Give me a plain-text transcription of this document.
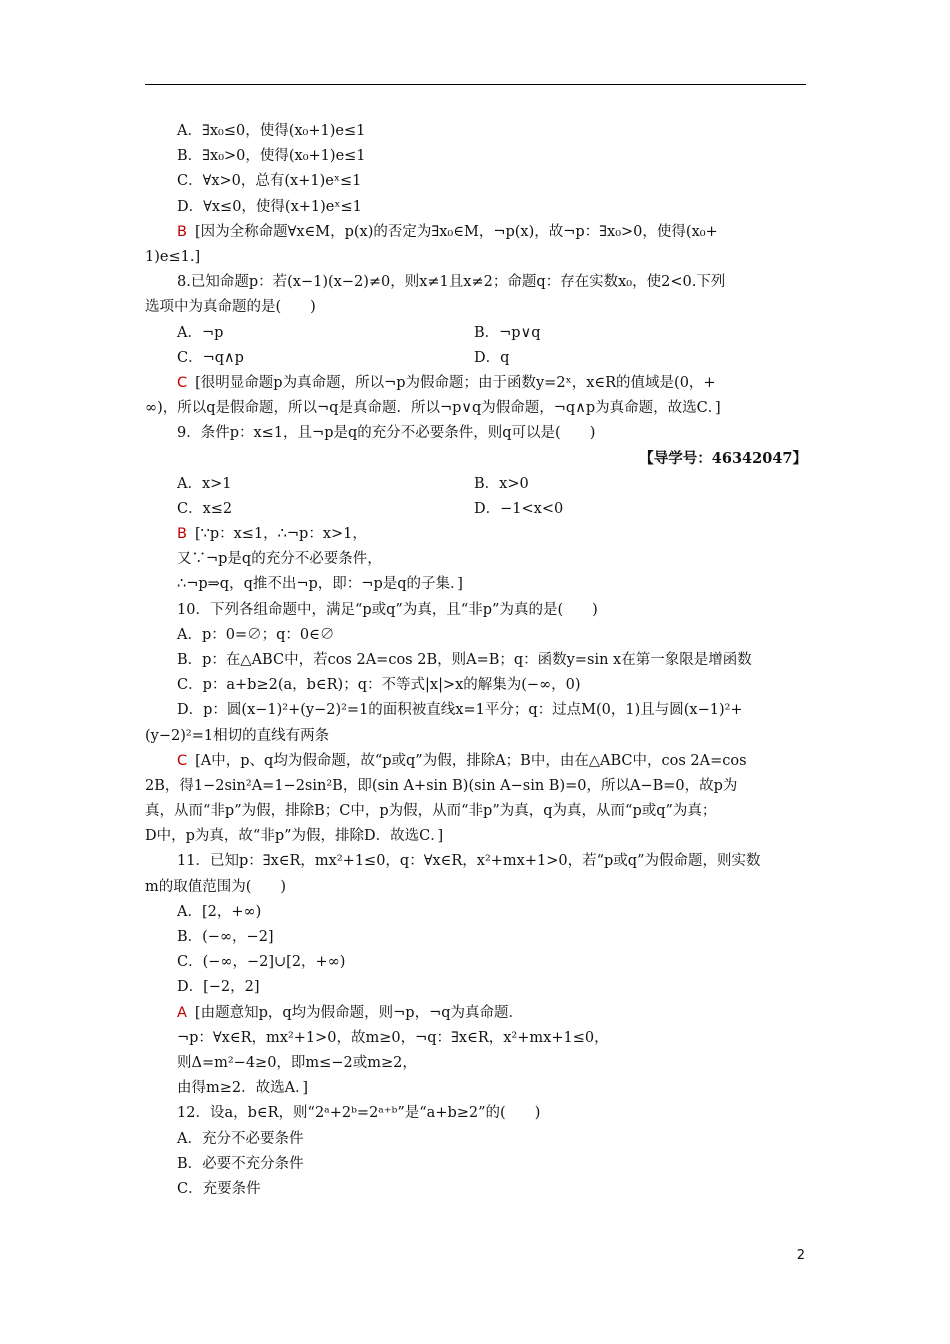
A．∃x₀≤0，使得(x₀+1)e≤1
B．∃x₀>0，使得(x₀+1)e≤1
C．∀x>0，总有(x+1)eˣ≤1
D．∀x≤0，使得(x+1)eˣ≤1
B [因为全称命题∀x∈M，p(x)的否定为∃x₀∈M，¬p(x)，故¬p：∃x₀>0，使得(x₀+
1)e≤1.]
8.已知命题p：若(x−1)(x−2)≠0，则x≠1且x≠2；命题q：存在实数x₀，使2<0.下列
选项中为真命题的是(　　)
A．¬p	B．¬p∨q
C．¬q∧p	D．q
C [很明显命题p为真命题，所以¬p为假命题；由于函数y=2ˣ，x∈R的值域是(0，+
∞)，所以q是假命题，所以¬q是真命题．所以¬p∨q为假命题，¬q∧p为真命题，故选C．]
9．条件p：x≤1，且¬p是q的充分不必要条件，则q可以是(　　)
【导学号：46342047】
A．x>1	B．x>0
C．x≤2	D．−1<x<0
B [∵p：x≤1，∴¬p：x>1，
又∵¬p是q的充分不必要条件，
∴¬p⇒q，q推不出¬p，即：¬p是q的子集．]
10．下列各组命题中，满足“p或q”为真，且“非p”为真的是(　　)
A．p：0=∅；q：0∈∅
B．p：在△ABC中，若cos 2A=cos 2B，则A=B；q：函数y=sin x在第一象限是增函数
C．p：a+b≥2(a，b∈R)；q：不等式|x|>x的解集为(−∞，0)
D．p：圆(x−1)²+(y−2)²=1的面积被直线x=1平分；q：过点M(0，1)且与圆(x−1)²+
(y−2)²=1相切的直线有两条
C [A中，p、q均为假命题，故“p或q”为假，排除A；B中，由在△ABC中，cos 2A=cos
2B，得1−2sin²A=1−2sin²B，即(sin A+sin B)(sin A−sin B)=0，所以A−B=0，故p为
真，从而“非p”为假，排除B；C中，p为假，从而“非p”为真，q为真，从而“p或q”为真；
D中，p为真，故“非p”为假，排除D．故选C．]
11．已知p：∃x∈R，mx²+1≤0，q：∀x∈R，x²+mx+1>0，若“p或q”为假命题，则实数
m的取值范围为(　　)
A．[2，+∞)
B．(−∞，−2]
C．(−∞，−2]∪[2，+∞)
D．[−2，2]
A [由题意知p，q均为假命题，则¬p，¬q为真命题．
¬p：∀x∈R，mx²+1>0，故m≥0，¬q：∃x∈R，x²+mx+1≤0，
则Δ=m²−4≥0，即m≤−2或m≥2，
由得m≥2．故选A．]
12．设a，b∈R，则“2ᵃ+2ᵇ=2ᵃ⁺ᵇ”是“a+b≥2”的(　　)
A．充分不必要条件
B．必要不充分条件
C．充要条件
2
